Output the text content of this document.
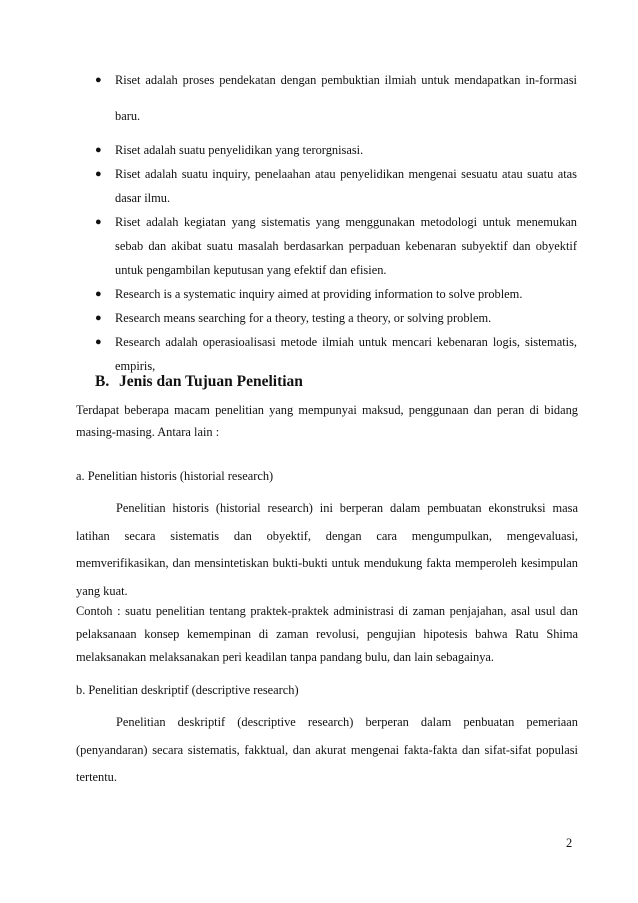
● Riset adalah proses pendekatan dengan pembuktian ilmiah untuk mendapatkan in-formasi baru.
● Riset adalah suatu penyelidikan yang terorgnisasi.
● Riset adalah suatu inquiry, penelaahan atau penyelidikan mengenai sesuatu atau suatu atas dasar ilmu.
● Riset adalah kegiatan yang sistematis yang menggunakan metodologi untuk menemukan sebab dan akibat suatu masalah berdasarkan perpaduan kebenaran subyektif dan obyektif untuk pengambilan keputusan yang efektif dan efisien.
● Research is a systematic inquiry aimed at providing information to solve problem.
● Research means searching for a theory, testing a theory, or solving problem.
● Research adalah operasioalisasi metode ilmiah untuk mencari kebenaran logis, sistematis, empiris,
B. Jenis dan Tujuan Penelitian

Terdapat beberapa macam penelitian yang mempunyai maksud, penggunaan dan peran di bidang masing-masing. Antara lain :

a. Penelitian historis (historial research)

Penelitian historis (historial research) ini berperan dalam pembuatan ekonstruksi masa latihan secara sistematis dan obyektif, dengan cara mengumpulkan, mengevaluasi, memverifikasikan, dan mensintetiskan bukti-bukti untuk mendukung fakta memperoleh kesimpulan yang kuat.

Contoh : suatu penelitian tentang praktek-praktek administrasi di zaman penjajahan, asal usul dan pelaksanaan konsep kemempinan di zaman revolusi, pengujian hipotesis bahwa Ratu Shima melaksanakan melaksanakan peri keadilan tanpa pandang bulu, dan lain sebagainya.

b. Penelitian deskriptif (descriptive research)

Penelitian deskriptif (descriptive research) berperan dalam penbuatan pemeriaan (penyandaran) secara sistematis, fakktual, dan akurat mengenai fakta-fakta dan sifat-sifat populasi tertentu.

2
